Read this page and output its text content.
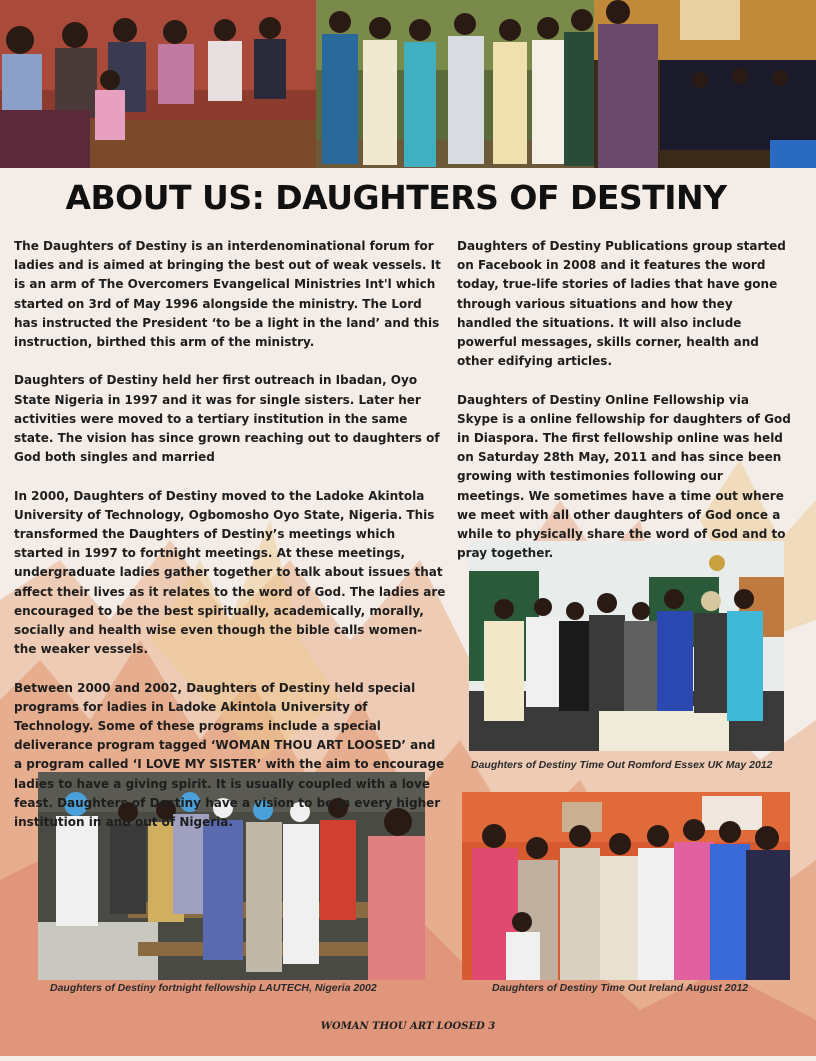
ABOUT US: DAUGHTERS OF DESTINY

The Daughters of Destiny is an interdenominational forum for ladies and is aimed at bringing the best out of weak vessels. It is an arm of The Overcomers Evangelical Ministries Int'l which started on 3rd of May 1996 alongside the ministry. The Lord has instructed the President ‘to be a light in the land’ and this instruction, birthed this arm of the ministry.

Daughters of Destiny held her first outreach in Ibadan, Oyo State Nigeria in 1997 and it was for single sisters. Later her activities were moved to a tertiary institution in the same state. The vision has since grown reaching out to daughters of God both singles and married

In 2000, Daughters of Destiny moved to the Ladoke Akintola University of Technology, Ogbomosho Oyo State, Nigeria. This transformed the Daughters of Destiny’s meetings which started in 1997 to fortnight meetings. At these meetings, undergraduate ladies gather together to talk about issues that affect their lives as it relates to the word of God. The ladies are encouraged to be the best spiritually, academically, morally, socially and health wise even though the bible calls women- the weaker vessels.

Between 2000 and 2002, Daughters of Destiny held special programs for ladies in Ladoke Akintola University of Technology. Some of these programs include a special deliverance program tagged ‘WOMAN THOU ART LOOSED’ and a program called ‘I LOVE MY SISTER’ with the aim to encourage ladies to have a giving spirit. It is usually coupled with a love feast. Daughters of Destiny have a vision to be in every higher institution in and out of Nigeria.

Daughters of Destiny Publications group started on Facebook in 2008 and it features the word today, true-life stories of ladies that have gone through various situations and how they handled the situations. It will also include powerful messages, skills corner, health and other edifying articles.

Daughters of Destiny Online Fellowship via Skype is a online fellowship for daughters of God in Diaspora. The first fellowship online was held on Saturday 28th May, 2011 and has since been growing with testimonies following our meetings. We sometimes have a time out where we meet with all other daughters of God once a while to physically share the word of God and to pray together.

Daughters of Destiny Time Out Romford Essex UK May 2012
Daughters of Destiny fortnight fellowship LAUTECH, Nigeria 2002	Daughters of Destiny Time Out Ireland August 2012
WOMAN THOU ART LOOSED 3
